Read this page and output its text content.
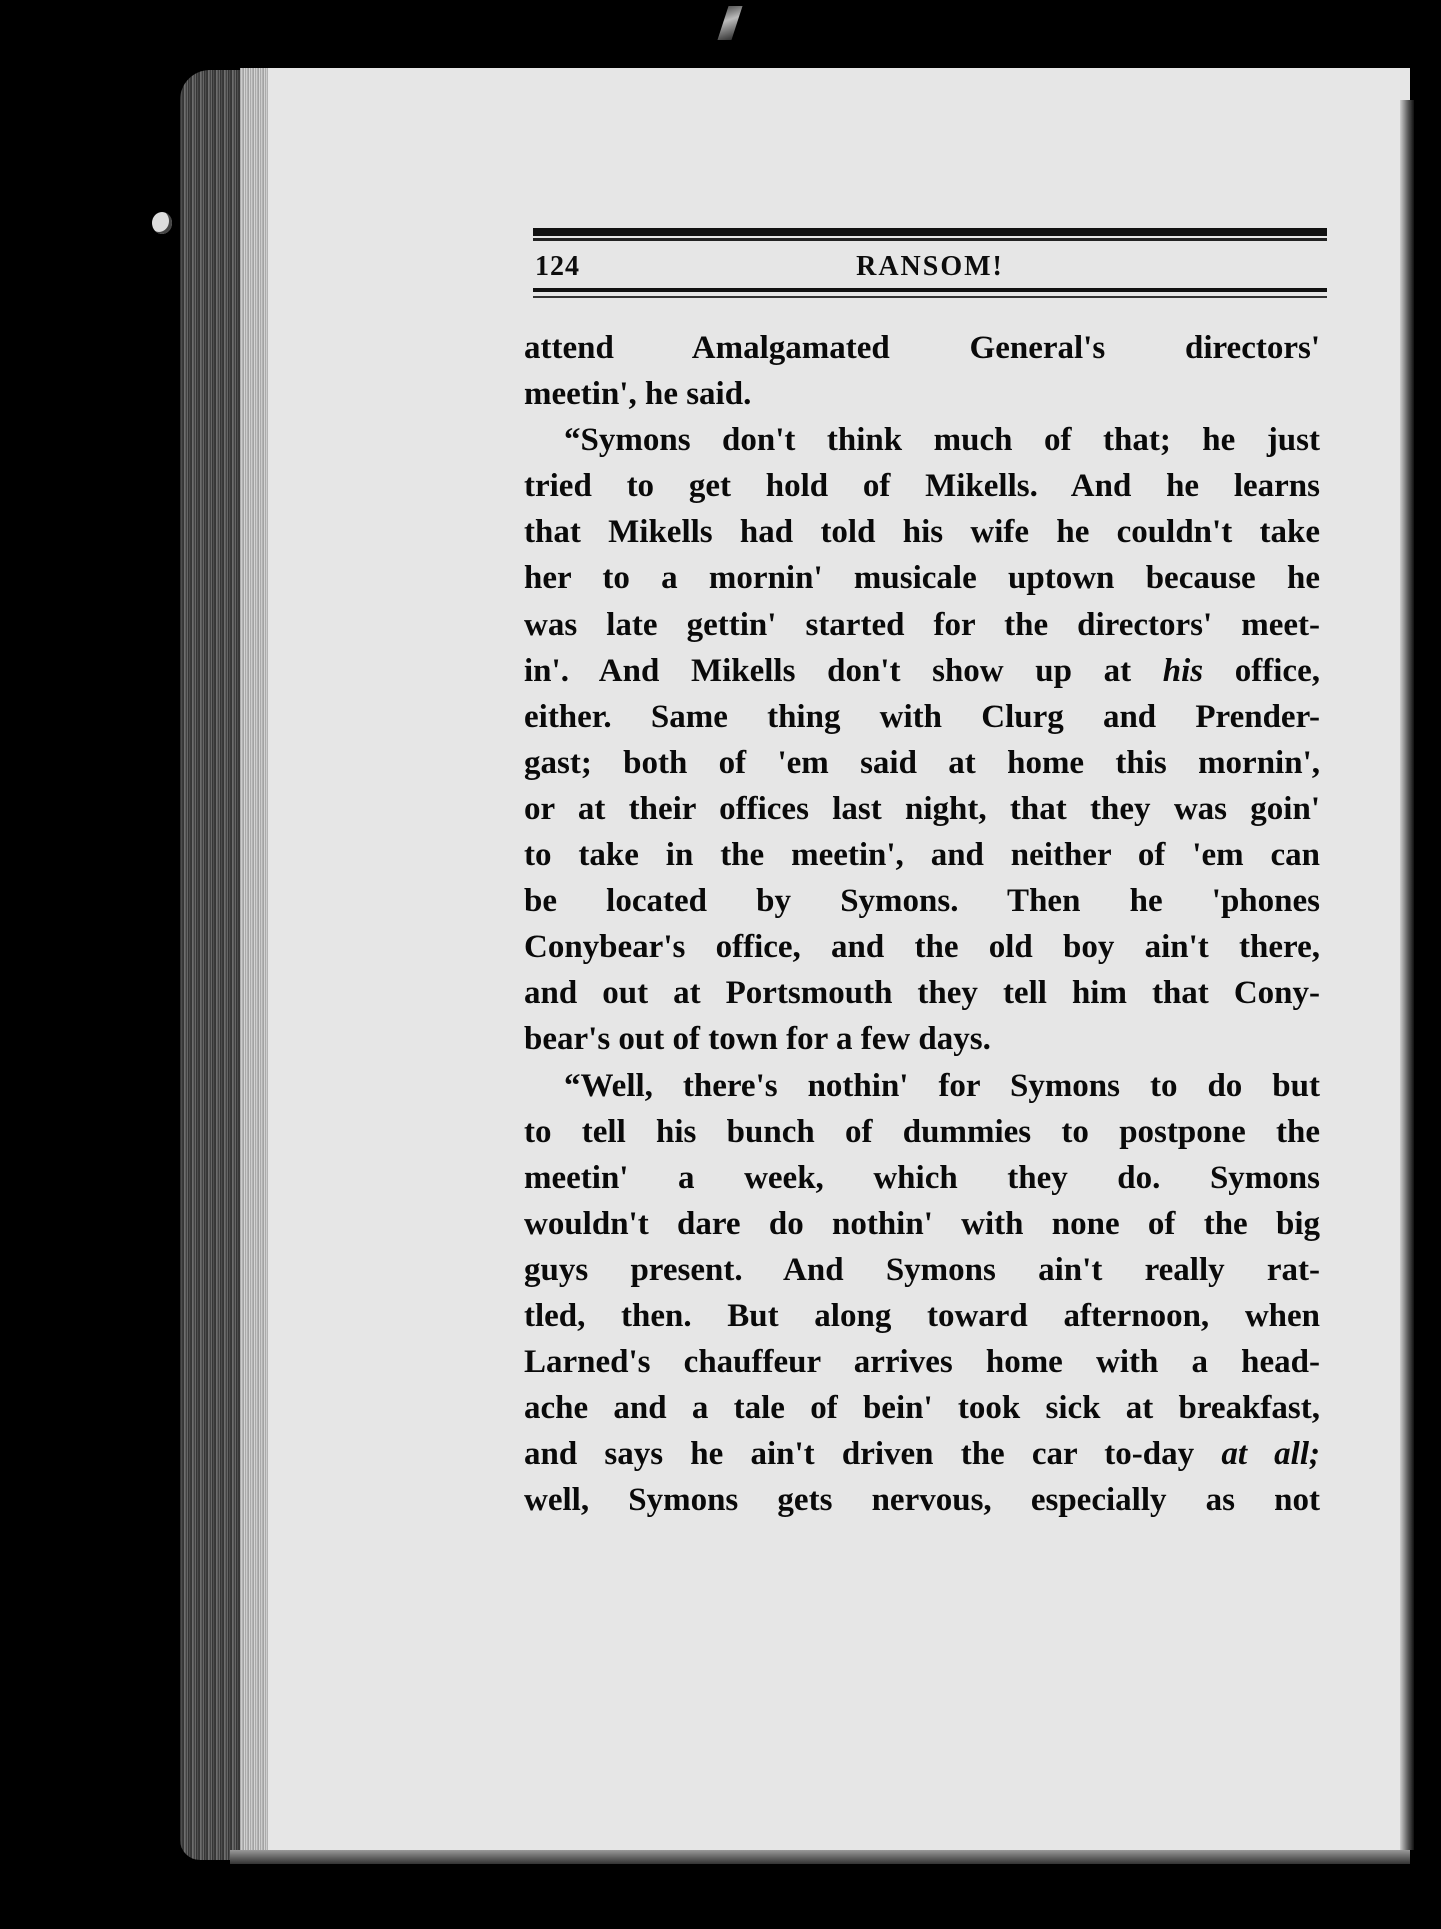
124	RANSOM!
attend Amalgamated General's directors'
meetin', he said.
“Symons don't think much of that; he just
tried to get hold of Mikells. And he learns
that Mikells had told his wife he couldn't take
her to a mornin' musicale uptown because he
was late gettin' started for the directors' meet-
in'. And Mikells don't show up at his office,
either. Same thing with Clurg and Prender-
gast; both of 'em said at home this mornin',
or at their offices last night, that they was goin'
to take in the meetin', and neither of 'em can
be located by Symons. Then he 'phones
Conybear's office, and the old boy ain't there,
and out at Portsmouth they tell him that Cony-
bear's out of town for a few days.
“Well, there's nothin' for Symons to do but
to tell his bunch of dummies to postpone the
meetin' a week, which they do. Symons
wouldn't dare do nothin' with none of the big
guys present. And Symons ain't really rat-
tled, then. But along toward afternoon, when
Larned's chauffeur arrives home with a head-
ache and a tale of bein' took sick at breakfast,
and says he ain't driven the car to-day at all;
well, Symons gets nervous, especially as not
